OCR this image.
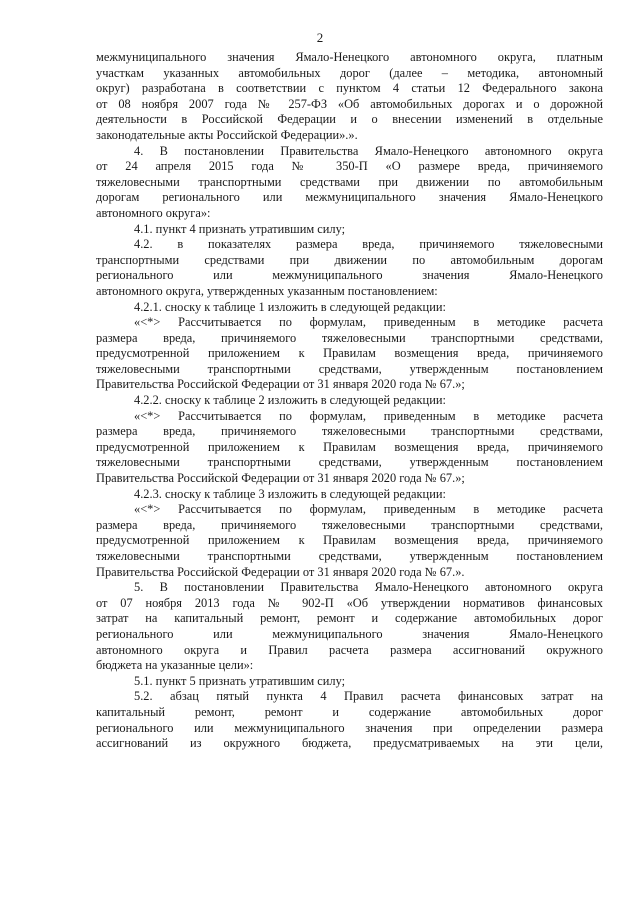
2
межмуниципального значения Ямало-Ненецкого автономного округа, платным
участкам указанных автомобильных дорог (далее – методика, автономный
округ) разработана в соответствии с пунктом 4 статьи 12 Федерального закона
от 08 ноября 2007 года № 257-ФЗ «Об автомобильных дорогах и о дорожной
деятельности в Российской Федерации и о внесении изменений в отдельные
законодательные акты Российской Федерации».».
4. В постановлении Правительства Ямало-Ненецкого автономного округа
от 24 апреля 2015 года № 350-П «О размере вреда, причиняемого
тяжеловесными транспортными средствами при движении по автомобильным
дорогам регионального или межмуниципального значения Ямало-Ненецкого
автономного округа»:
4.1. пункт 4 признать утратившим силу;
4.2. в показателях размера вреда, причиняемого тяжеловесными
транспортными средствами при движении по автомобильным дорогам
регионального или межмуниципального значения Ямало-Ненецкого
автономного округа, утвержденных указанным постановлением:
4.2.1. сноску к таблице 1 изложить в следующей редакции:
«<*> Рассчитывается по формулам, приведенным в методике расчета
размера вреда, причиняемого тяжеловесными транспортными средствами,
предусмотренной приложением к Правилам возмещения вреда, причиняемого
тяжеловесными транспортными средствами, утвержденным постановлением
Правительства Российской Федерации от 31 января 2020 года № 67.»;
4.2.2. сноску к таблице 2 изложить в следующей редакции:
«<*> Рассчитывается по формулам, приведенным в методике расчета
размера вреда, причиняемого тяжеловесными транспортными средствами,
предусмотренной приложением к Правилам возмещения вреда, причиняемого
тяжеловесными транспортными средствами, утвержденным постановлением
Правительства Российской Федерации от 31 января 2020 года № 67.»;
4.2.3. сноску к таблице 3 изложить в следующей редакции:
«<*> Рассчитывается по формулам, приведенным в методике расчета
размера вреда, причиняемого тяжеловесными транспортными средствами,
предусмотренной приложением к Правилам возмещения вреда, причиняемого
тяжеловесными транспортными средствами, утвержденным постановлением
Правительства Российской Федерации от 31 января 2020 года № 67.».
5. В постановлении Правительства Ямало-Ненецкого автономного округа
от 07 ноября 2013 года № 902-П «Об утверждении нормативов финансовых
затрат на капитальный ремонт, ремонт и содержание автомобильных дорог
регионального или межмуниципального значения Ямало-Ненецкого
автономного округа и Правил расчета размера ассигнований окружного
бюджета на указанные цели»:
5.1. пункт 5 признать утратившим силу;
5.2. абзац пятый пункта 4 Правил расчета финансовых затрат на
капитальный ремонт, ремонт и содержание автомобильных дорог
регионального или межмуниципального значения при определении размера
ассигнований из окружного бюджета, предусматриваемых на эти цели,
